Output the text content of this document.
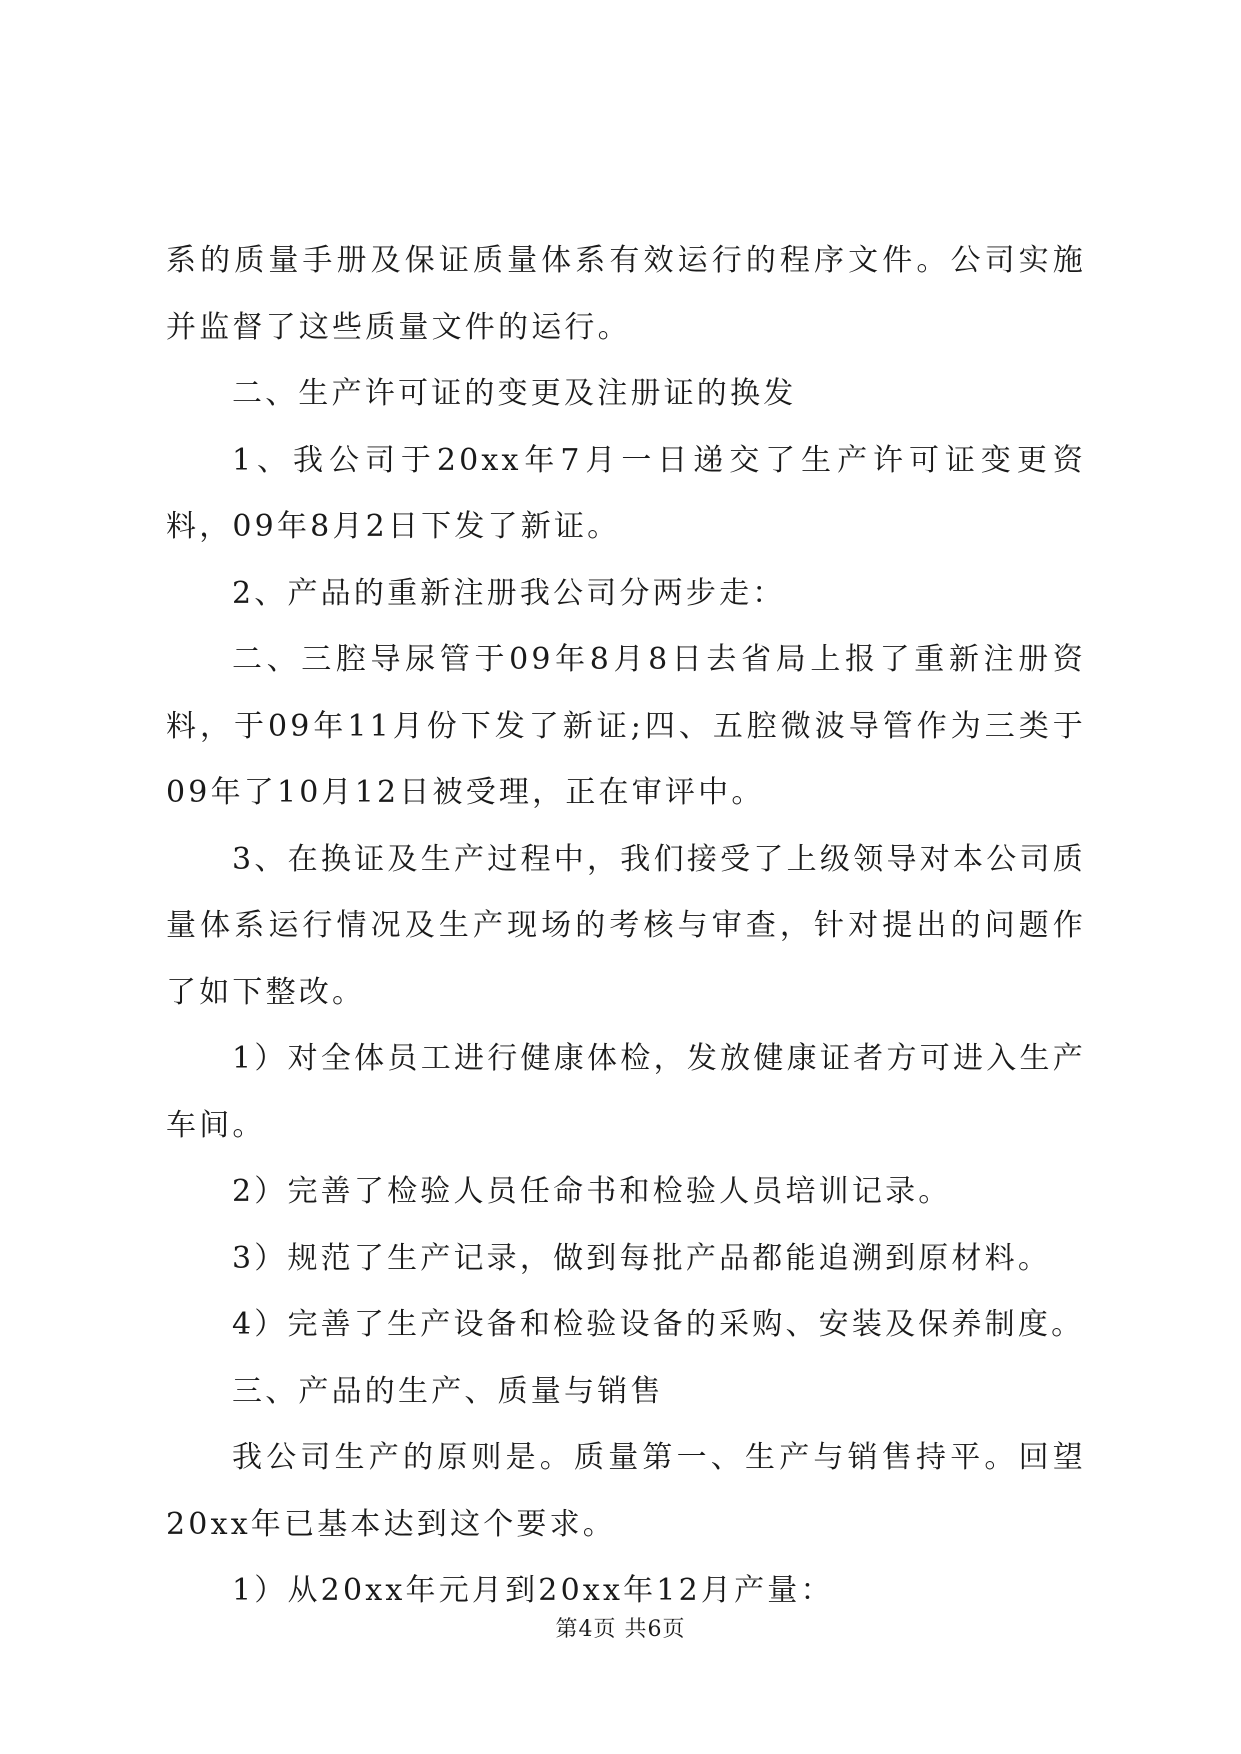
系的质量手册及保证质量体系有效运行的程序文件。公司实施并监督了这些质量文件的运行。

二、生产许可证的变更及注册证的换发

1、我公司于20xx年7月一日递交了生产许可证变更资料，09年8月2日下发了新证。

2、产品的重新注册我公司分两步走：

二、三腔导尿管于09年8月8日去省局上报了重新注册资料，于09年11月份下发了新证;四、五腔微波导管作为三类于09年了10月12日被受理，正在审评中。

3、在换证及生产过程中，我们接受了上级领导对本公司质量体系运行情况及生产现场的考核与审查，针对提出的问题作了如下整改。

1）对全体员工进行健康体检，发放健康证者方可进入生产车间。

2）完善了检验人员任命书和检验人员培训记录。

3）规范了生产记录，做到每批产品都能追溯到原材料。

4）完善了生产设备和检验设备的采购、安装及保养制度。

三、产品的生产、质量与销售

我公司生产的原则是。质量第一、生产与销售持平。回望20xx年已基本达到这个要求。

1）从20xx年元月到20xx年12月产量：

第4页 共6页
